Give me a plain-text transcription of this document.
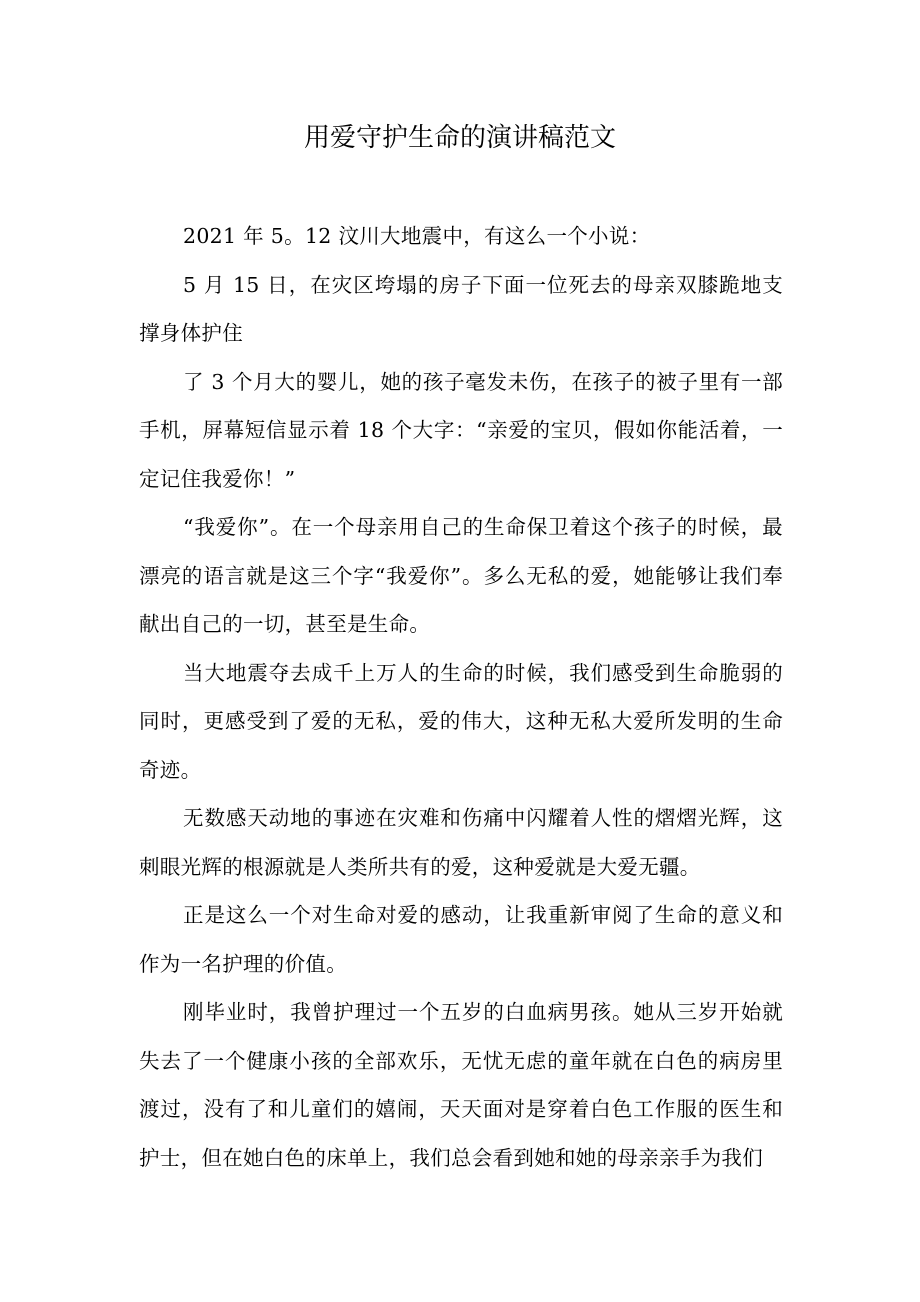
用爱守护生命的演讲稿范文

2021 年 5。12 汶川大地震中，有这么一个小说：

5 月 15 日，在灾区垮塌的房子下面一位死去的母亲双膝跪地支撑身体护住

了 3 个月大的婴儿，她的孩子毫发未伤，在孩子的被子里有一部手机，屏幕短信显示着 18 个大字：“亲爱的宝贝，假如你能活着，一定记住我爱你！”

“我爱你”。在一个母亲用自己的生命保卫着这个孩子的时候，最漂亮的语言就是这三个字“我爱你”。多么无私的爱，她能够让我们奉献出自己的一切，甚至是生命。

当大地震夺去成千上万人的生命的时候，我们感受到生命脆弱的同时，更感受到了爱的无私，爱的伟大，这种无私大爱所发明的生命奇迹。

无数感天动地的事迹在灾难和伤痛中闪耀着人性的熠熠光辉，这刺眼光辉的根源就是人类所共有的爱，这种爱就是大爱无疆。

正是这么一个对生命对爱的感动，让我重新审阅了生命的意义和作为一名护理的价值。

刚毕业时，我曾护理过一个五岁的白血病男孩。她从三岁开始就失去了一个健康小孩的全部欢乐，无忧无虑的童年就在白色的病房里渡过，没有了和儿童们的嬉闹，天天面对是穿着白色工作服的医生和护士，但在她白色的床单上，我们总会看到她和她的母亲亲手为我们
